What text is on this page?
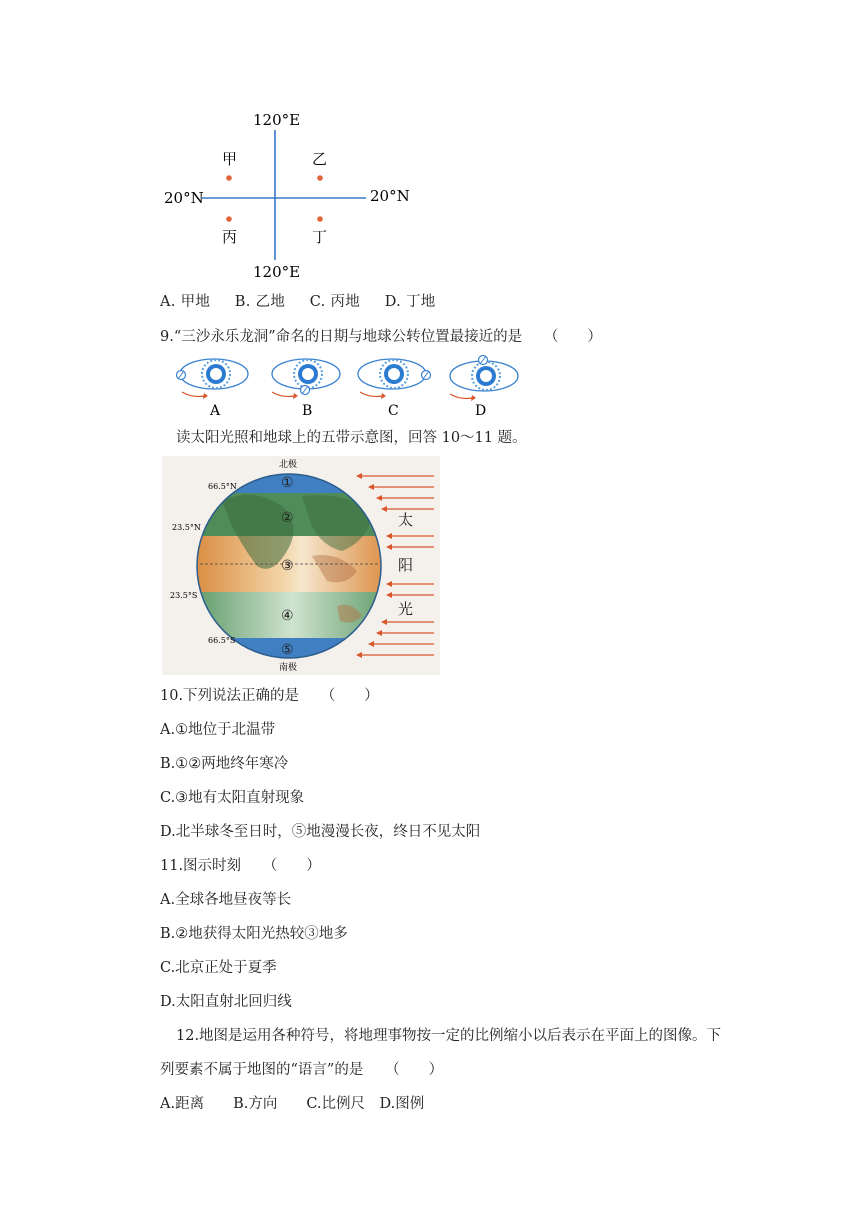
120°E
120°E
20°N	20°N
甲	乙
丙	丁
A. 甲地 　 B. 乙地 　 C. 丙地 　 D. 丁地
9.“三沙永乐龙洞”命名的日期与地球公转位置最接近的是　　（　　）
A	B	C	D
读太阳光照和地球上的五带示意图，回答 10～11 题。
北极
南极
66.5°N
23.5°N
23.5°S
66.5°S
①
②
③
④
⑤
太
阳
光
10.下列说法正确的是　　（　　）
A.①地位于北温带
B.①②两地终年寒冷
C.③地有太阳直射现象
D.北半球冬至日时，⑤地漫漫长夜，终日不见太阳
11.图示时刻　　（　　）
A.全球各地昼夜等长
B.②地获得太阳光热较③地多
C.北京正处于夏季
D.太阳直射北回归线
12.地图是运用各种符号，将地理事物按一定的比例缩小以后表示在平面上的图像。下
列要素不属于地图的“语言”的是　　（　　）
A.距离　　B.方向　　C.比例尺　D.图例
